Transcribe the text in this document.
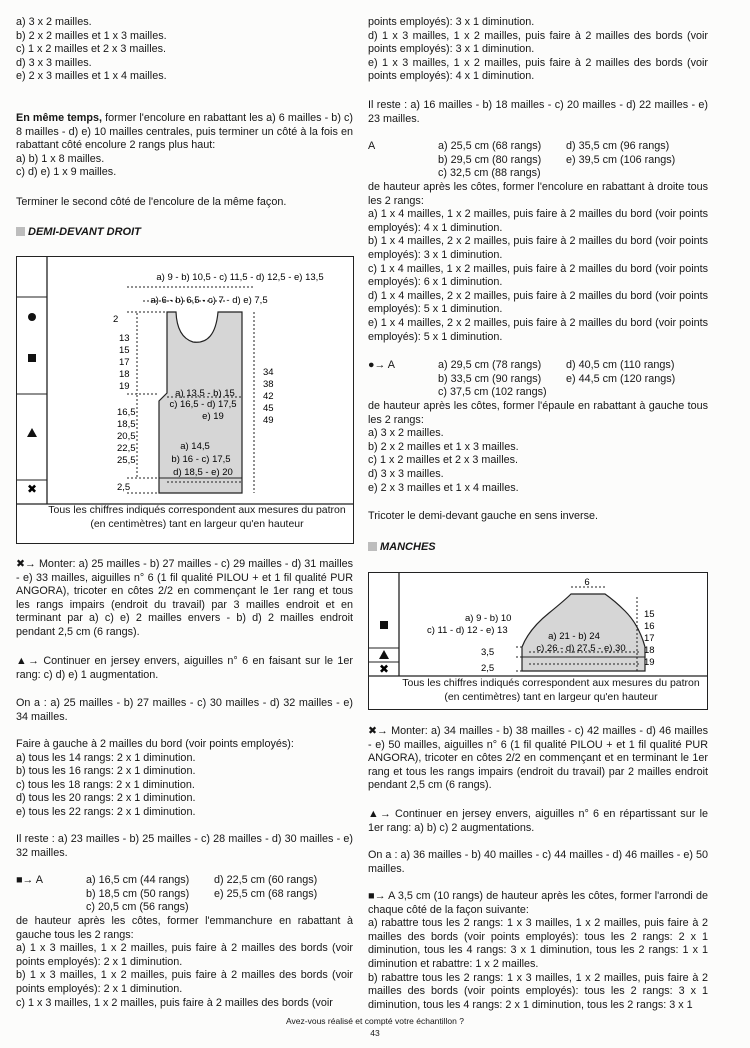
a) 3 x 2 mailles.

b) 2 x 2 mailles et 1 x 3 mailles.

c) 1 x 2 mailles et 2 x 3 mailles.

d) 3 x 3 mailles.

e) 2 x 3 mailles et 1 x 4 mailles.

En même temps, former l'encolure en rabattant les a) 6 mailles - b) c) 8 mailles - d) e) 10 mailles centrales, puis terminer un côté à la fois en rabattant côté encolure 2 rangs plus haut:

a) b) 1 x 8 mailles.

c) d) e) 1 x 9 mailles.

Terminer le second côté de l'encolure de la même façon.

DEMI-DEVANT DROIT
✖
a) 9 - b) 10,5 - c) 11,5 - d) 12,5 - e) 13,5
a) 6 - b) 6,5 - c) 7 - d) e) 7,5
2
13
15
17
18
19
34
38
42
45
49
a) 13,5 - b) 15
c) 16,5 - d) 17,5
e) 19
16,5
18,5
20,5
22,5
25,5
a) 14,5
b) 16 - c) 17,5
d) 18,5 - e) 20
2,5
Tous les chiffres indiqués correspondent aux mesures du patron (en centimètres) tant en largeur qu'en hauteur

✖→ Monter: a) 25 mailles - b) 27 mailles - c) 29 mailles - d) 31 mailles - e) 33 mailles, aiguilles n° 6 (1 fil qualité PILOU + et 1 fil qualité PUR ANGORA), tricoter en côtes 2/2 en commençant le 1er rang et tous les rangs impairs (endroit du travail) par 3 mailles endroit et en terminant par a) c) e) 2 mailles envers - b) d) 2 mailles endroit pendant 2,5 cm (6 rangs).

▲→ Continuer en jersey envers, aiguilles n° 6 en faisant sur le 1er rang: c) d) e) 1 augmentation.

On a : a) 25 mailles - b) 27 mailles - c) 30 mailles - d) 32 mailles - e) 34 mailles.

Faire à gauche à 2 mailles du bord (voir points employés):

a) tous les 14 rangs: 2 x 1 diminution.

b) tous les 16 rangs: 2 x 1 diminution.

c) tous les 18 rangs: 2 x 1 diminution.

d) tous les 20 rangs: 2 x 1 diminution.

e) tous les 22 rangs: 2 x 1 diminution.

Il reste : a) 23 mailles - b) 25 mailles - c) 28 mailles - d) 30 mailles - e) 32 mailles.

■→ A	a) 16,5 cm (44 rangs)	d) 22,5 cm (60 rangs)
b) 18,5 cm (50 rangs)	e) 25,5 cm (68 rangs)
c) 20,5 cm (56 rangs)

de hauteur après les côtes, former l'emmanchure en rabattant à gauche tous les 2 rangs:

a) 1 x 3 mailles, 1 x 2 mailles, puis faire à 2 mailles des bords (voir points employés): 2 x 1 diminution.

b) 1 x 3 mailles, 1 x 2 mailles, puis faire à 2 mailles des bords (voir points employés): 2 x 1 diminution.

c) 1 x 3 mailles, 1 x 2 mailles, puis faire à 2 mailles des bords (voir

points employés): 3 x 1 diminution.

d) 1 x 3 mailles, 1 x 2 mailles, puis faire à 2 mailles des bords (voir points employés): 3 x 1 diminution.

e) 1 x 3 mailles, 1 x 2 mailles, puis faire à 2 mailles des bords (voir points employés): 4 x 1 diminution.

Il reste : a) 16 mailles - b) 18 mailles - c) 20 mailles - d) 22 mailles - e) 23 mailles.

A	a) 25,5 cm (68 rangs)	d) 35,5 cm (96 rangs)
b) 29,5 cm (80 rangs)	e) 39,5 cm (106 rangs)
c) 32,5 cm (88 rangs)

de hauteur après les côtes, former l'encolure en rabattant à droite tous les 2 rangs:

a) 1 x 4 mailles, 1 x 2 mailles, puis faire à 2 mailles du bord (voir points employés): 4 x 1 diminution.

b) 1 x 4 mailles, 2 x 2 mailles, puis faire à 2 mailles du bord (voir points employés): 3 x 1 diminution.

c) 1 x 4 mailles, 1 x 2 mailles, puis faire à 2 mailles du bord (voir points employés): 6 x 1 diminution.

d) 1 x 4 mailles, 2 x 2 mailles, puis faire à 2 mailles du bord (voir points employés): 5 x 1 diminution.

e) 1 x 4 mailles, 2 x 2 mailles, puis faire à 2 mailles du bord (voir points employés): 5 x 1 diminution.

●→ A	a) 29,5 cm (78 rangs)	d) 40,5 cm (110 rangs)
b) 33,5 cm (90 rangs)	e) 44,5 cm (120 rangs)
c) 37,5 cm (102 rangs)

de hauteur après les côtes, former l'épaule en rabattant à gauche tous les 2 rangs:

a) 3 x 2 mailles.

b) 2 x 2 mailles et 1 x 3 mailles.

c) 1 x 2 mailles et 2 x 3 mailles.

d) 3 x 3 mailles.

e) 2 x 3 mailles et 1 x 4 mailles.

Tricoter le demi-devant gauche en sens inverse.

MANCHES
✖
6
a) 9 - b) 10
c) 11 - d) 12 - e) 13
15
16
17
18
19
a) 21 - b) 24
c) 26 - d) 27,5 - e) 30
3,5
2,5
Tous les chiffres indiqués correspondent aux mesures du patron (en centimètres) tant en largeur qu'en hauteur

✖→ Monter: a) 34 mailles - b) 38 mailles - c) 42 mailles - d) 46 mailles - e) 50 mailles, aiguilles n° 6 (1 fil qualité PILOU + et 1 fil qualité PUR ANGORA), tricoter en côtes 2/2 en commençant et en terminant le 1er rang et tous les rangs impairs (endroit du travail) par 2 mailles endroit pendant 2,5 cm (6 rangs).

▲→ Continuer en jersey envers, aiguilles n° 6 en répartissant sur le 1er rang: a) b) c) 2 augmentations.

On a : a) 36 mailles - b) 40 mailles - c) 44 mailles - d) 46 mailles - e) 50 mailles.

■→ A 3,5 cm (10 rangs) de hauteur après les côtes, former l'arrondi de chaque côté de la façon suivante:

a) rabattre tous les 2 rangs: 1 x 3 mailles, 1 x 2 mailles, puis faire à 2 mailles des bords (voir points employés): tous les 2 rangs: 2 x 1 diminution, tous les 4 rangs: 3 x 1 diminution, tous les 2 rangs: 1 x 1 diminution et rabattre: 1 x 2 mailles.

b) rabattre tous les 2 rangs: 1 x 3 mailles, 1 x 2 mailles, puis faire à 2 mailles des bords (voir points employés): tous les 2 rangs: 3 x 1 diminution, tous les 4 rangs: 2 x 1 diminution, tous les 2 rangs: 3 x 1

Avez-vous réalisé et compté votre échantillon ?
43
